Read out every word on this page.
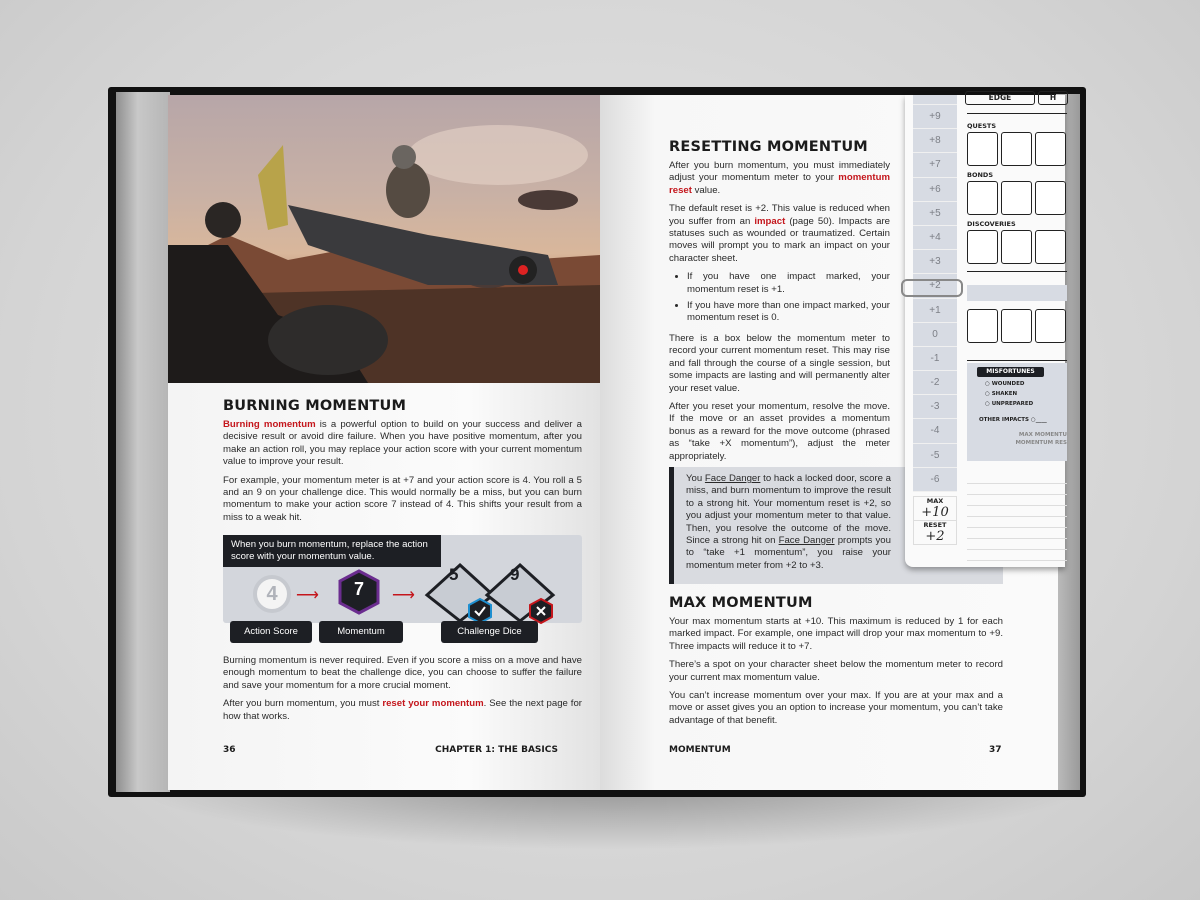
BURNING MOMENTUM

Burning momentum is a powerful option to build on your success and deliver a decisive result or avoid dire failure. When you have positive momentum, after you make an action roll, you may replace your action score with your current momentum value to improve your result.

For example, your momentum meter is at +7 and your action score is 4. You roll a 5 and an 9 on your challenge dice. This would normally be a miss, but you can burn momentum to make your action score 7 instead of 4. This shifts your result from a miss to a weak hit.

When you burn momentum, replace the action score with your momentum value.
4	⟶	7	⟶
5	9
Action Score	Momentum	Challenge Dice

Burning momentum is never required. Even if you score a miss on a move and have enough momentum to beat the challenge dice, you can choose to suffer the failure and save your momentum for a more crucial moment.

After you burn momentum, you must reset your momentum. See the next page for how that works.

36	CHAPTER 1: THE BASICS
RESETTING MOMENTUM

After you burn momentum, you must immediately adjust your momentum meter to your momentum reset value.

The default reset is +2. This value is reduced when you suffer from an impact (page 50). Impacts are statuses such as wounded or traumatized. Certain moves will prompt you to mark an impact on your character sheet.

• If you have one impact marked, your momentum reset is +1.
• If you have more than one impact marked, your momentum reset is 0.

There is a box below the momentum meter to record your current momentum reset. This may rise and fall through the course of a single session, but some impacts are lasting and will permanently alter your reset value.

After you reset your momentum, resolve the move. If the move or an asset provides a momentum bonus as a reward for the move outcome (phrased as “take +X momentum”), adjust the meter appropriately.

You Face Danger to hack a locked door, score a miss, and burn momentum to improve the result to a strong hit. Your momentum reset is +2, so you adjust your momentum meter to that value. Then, you resolve the outcome of the move. Since a strong hit on Face Danger prompts you to “take +1 momentum”, you raise your momentum meter from +2 to +3.

+9
+8
+7
+6
+5
+4
+3
+2
+1
0
-1
-2
-3
-4
-5
-6
MAX
+10
RESET
+2
EDGE	H
QUESTS
BONDS
DISCOVERIES
MISFORTUNES
○ WOUNDED
○ SHAKEN
○ UNPREPARED
OTHER IMPACTS ○____
MAX MOMENTU
MOMENTUM RES
MAX MOMENTUM

Your max momentum starts at +10. This maximum is reduced by 1 for each marked impact. For example, one impact will drop your max momentum to +9. Three impacts will reduce it to +7.

There’s a spot on your character sheet below the momentum meter to record your current max momentum value.

You can’t increase momentum over your max. If you are at your max and a move or asset gives you an option to increase your momentum, you can’t take advantage of that benefit.

MOMENTUM	37
